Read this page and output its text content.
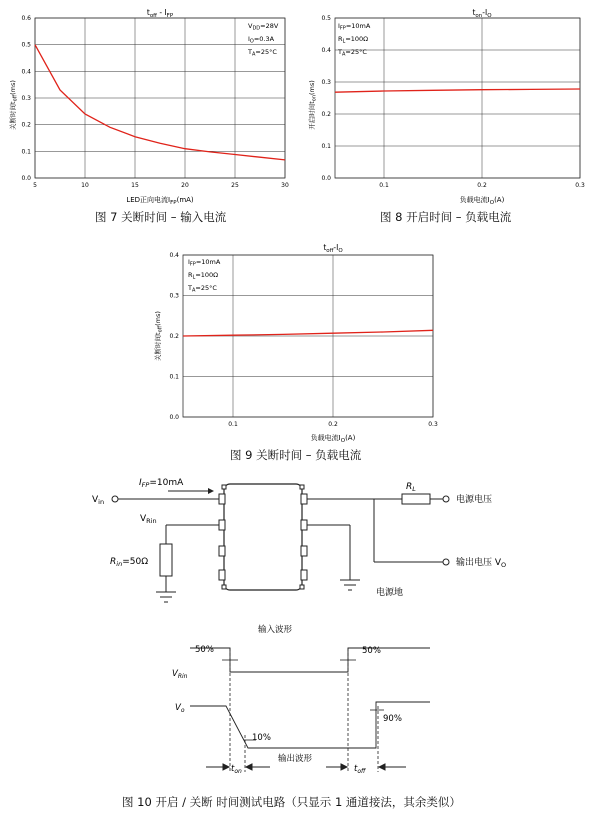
$t_{off} - I_{FP}$
$V_{DD}=28V$
$I_O=0.3A$
$T_A=25^\circ C$
LED正向电流$I_{FP}(mA)$
关断时间$t_{off}(ms)$
5	10	15	20	25	30
0.0
0.1
0.2
0.3
0.4
0.5
0.6
图 7 关断时间 – 输入电流
$t_{on}-I_O$
$I_{FP}=10mA$
$R_L=100\Omega$
$T_A=25^\circ C$
负载电流$I_O(A)$
开启时间$t_{on}(ms)$
0.1	0.2	0.3
0.0
0.1
0.2
0.3
0.4
0.5
图 8 开启时间 – 负载电流
$t_{off}-I_O$
$I_{FP}=10mA$
$R_L=100\Omega$
$T_A=25^\circ C$
负载电流$I_O(A)$
关断时间$t_{off}(ms)$
0.1	0.2	0.3
0.0
0.1
0.2
0.3
0.4
图 9 关断时间 – 负载电流
$V_{in}$
$I_{FP}=10mA$
$V_{Rin}$
$R_{in}=50\Omega$
$R_L$
电源电压
输出电压 $V_O$
电源地
输入波形
50%	50%
$V_{Rin}$
$V_o$
10%
90%
输出波形
$t_{on}$	$t_{off}$
图 10 开启 / 关断 时间测试电路（只显示 1 通道接法，其余类似）
